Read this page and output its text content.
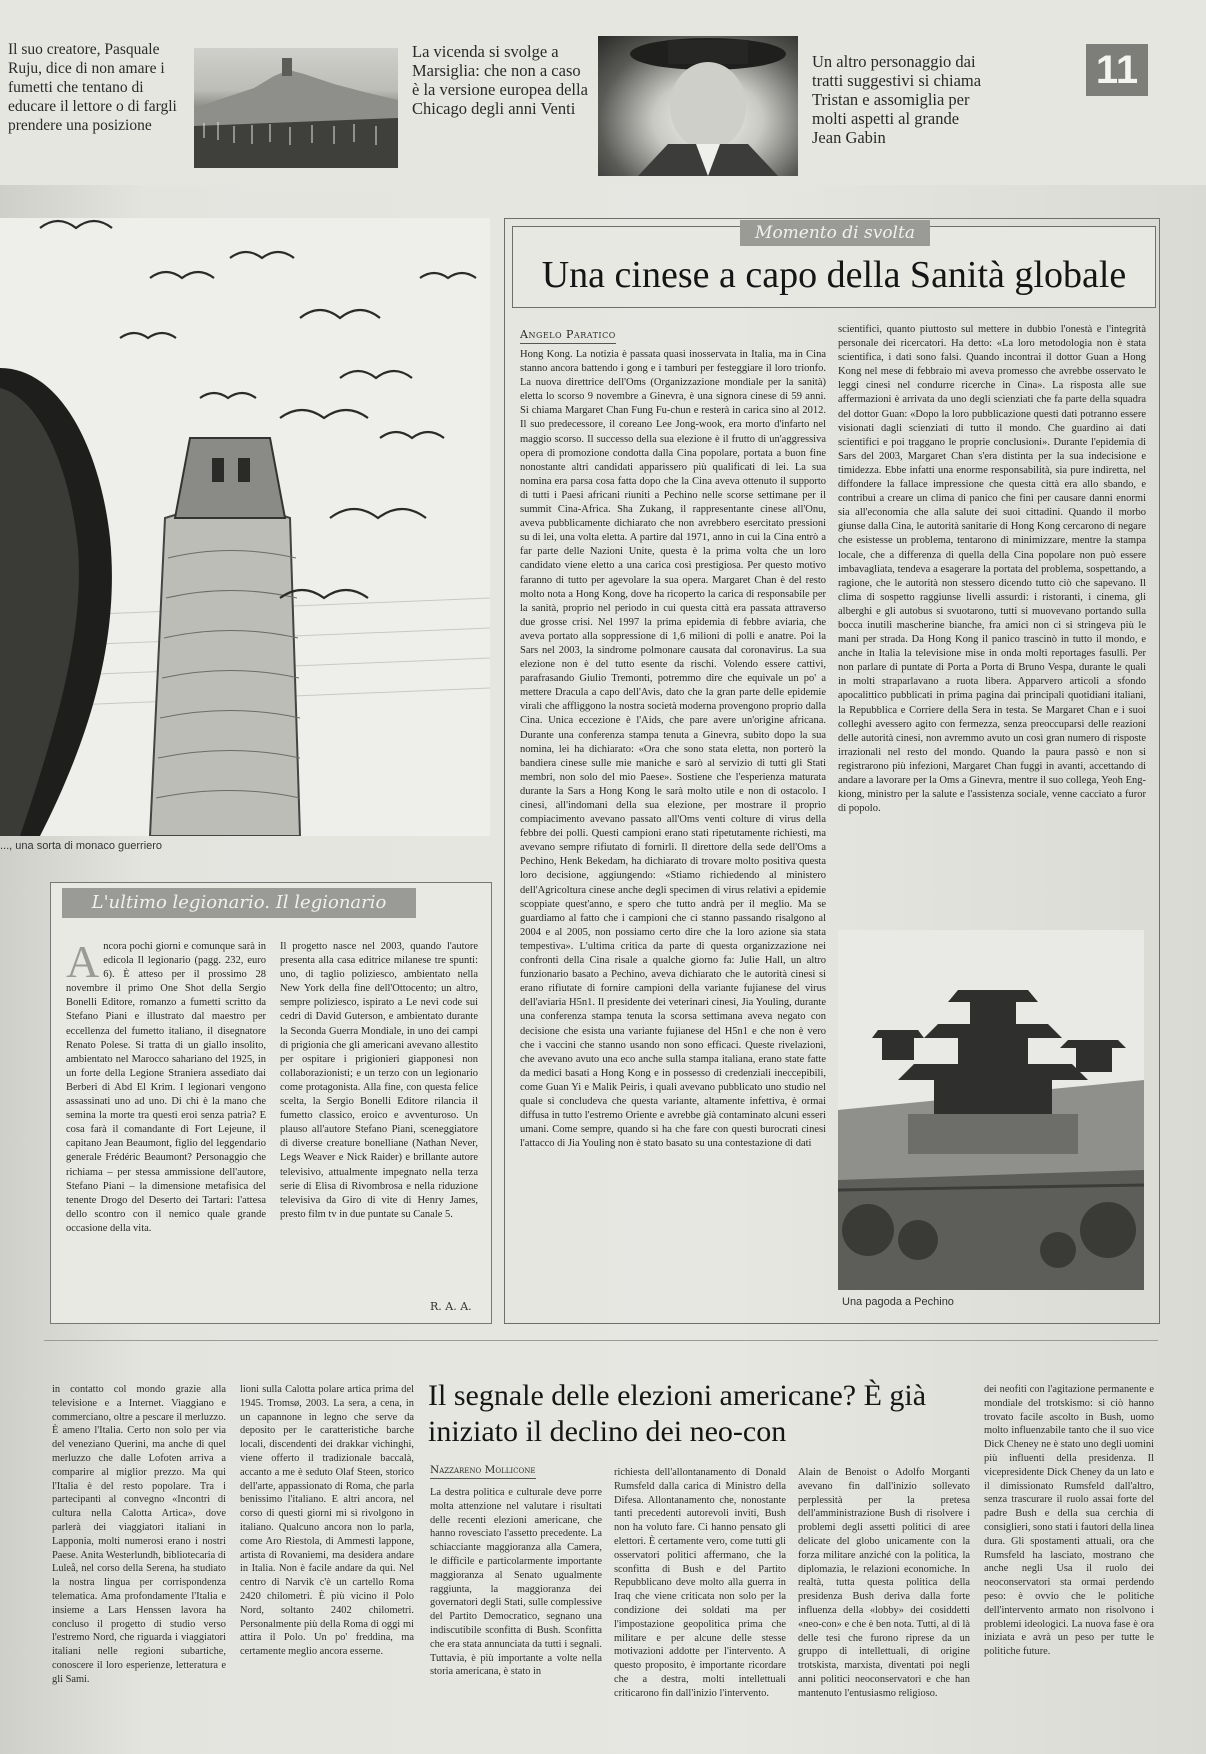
Il suo creatore, Pasquale Ruju, dice di non amare i fumetti che tentano di educare il lettore o di fargli prendere una posizione
La vicenda si svolge a Marsiglia: che non a caso è la versione europea della Chicago degli anni Venti
Un altro personaggio dai tratti suggestivi si chiama Tristan e assomiglia per molti aspetti al grande Jean Gabin
11
..., una sorta di monaco guerriero
L'ultimo legionario. Il legionario
Ancora pochi giorni e comunque sarà in edicola Il legionario (pagg. 232, euro 6). È atteso per il prossimo 28 novembre il primo One Shot della Sergio Bonelli Editore, romanzo a fumetti scritto da Stefano Piani e illustrato dal maestro per eccellenza del fumetto italiano, il disegnatore Renato Polese. Si tratta di un giallo insolito, ambientato nel Marocco sahariano del 1925, in un forte della Legione Straniera assediato dai Berberi di Abd El Krim. I legionari vengono assassinati uno ad uno. Di chi è la mano che semina la morte tra questi eroi senza patria? E cosa farà il comandante di Fort Lejeune, il capitano Jean Beaumont, figlio del leggendario generale Frédéric Beaumont? Personaggio che richiama – per stessa ammissione dell'autore, Stefano Piani – la dimensione metafisica del tenente Drogo del Deserto dei Tartari: l'attesa dello scontro con il nemico quale grande occasione della vita.
Il progetto nasce nel 2003, quando l'autore presenta alla casa editrice milanese tre spunti: uno, di taglio poliziesco, ambientato nella New York della fine dell'Ottocento; un altro, sempre poliziesco, ispirato a Le nevi code sui cedri di David Guterson, e ambientato durante la Seconda Guerra Mondiale, in uno dei campi di prigionia che gli americani avevano allestito per ospitare i prigionieri giapponesi non collaborazionisti; e un terzo con un legionario come protagonista. Alla fine, con questa felice scelta, la Sergio Bonelli Editore rilancia il fumetto classico, eroico e avventuroso. Un plauso all'autore Stefano Piani, sceneggiatore di diverse creature bonelliane (Nathan Never, Legs Weaver e Nick Raider) e brillante autore televisivo, attualmente impegnato nella terza serie di Elisa di Rivombrosa e nella riduzione televisiva da Giro di vite di Henry James, presto film tv in due puntate su Canale 5.
R. A. A.
Momento di svolta
Una cinese a capo della Sanità globale
Angelo Paratico
Hong Kong. La notizia è passata quasi inosservata in Italia, ma in Cina stanno ancora battendo i gong e i tamburi per festeggiare il loro trionfo. La nuova direttrice dell'Oms (Organizzazione mondiale per la sanità) eletta lo scorso 9 novembre a Ginevra, è una signora cinese di 59 anni. Si chiama Margaret Chan Fung Fu-chun e resterà in carica sino al 2012. Il suo predecessore, il coreano Lee Jong-wook, era morto d'infarto nel maggio scorso. Il successo della sua elezione è il frutto di un'aggressiva opera di promozione condotta dalla Cina popolare, portata a buon fine nonostante altri candidati apparissero più qualificati di lei. La sua nomina era parsa cosa fatta dopo che la Cina aveva ottenuto il supporto di tutti i Paesi africani riuniti a Pechino nelle scorse settimane per il summit Cina-Africa. Sha Zukang, il rappresentante cinese all'Onu, aveva pubblicamente dichiarato che non avrebbero esercitato pressioni su di lei, una volta eletta. A partire dal 1971, anno in cui la Cina entrò a far parte delle Nazioni Unite, questa è la prima volta che un loro candidato viene eletto a una carica così prestigiosa. Per questo motivo faranno di tutto per agevolare la sua opera. Margaret Chan è del resto molto nota a Hong Kong, dove ha ricoperto la carica di responsabile per la sanità, proprio nel periodo in cui questa città era passata attraverso due grosse crisi. Nel 1997 la prima epidemia di febbre aviaria, che aveva portato alla soppressione di 1,6 milioni di polli e anatre. Poi la Sars nel 2003, la sindrome polmonare causata dal coronavirus. La sua elezione non è del tutto esente da rischi. Volendo essere cattivi, parafrasando Giulio Tremonti, potremmo dire che equivale un po' a mettere Dracula a capo dell'Avis, dato che la gran parte delle epidemie virali che affliggono la nostra società moderna provengono proprio dalla Cina. Unica eccezione è l'Aids, che pare avere un'origine africana. Durante una conferenza stampa tenuta a Ginevra, subito dopo la sua nomina, lei ha dichiarato: «Ora che sono stata eletta, non porterò la bandiera cinese sulle mie maniche e sarò al servizio di tutti gli Stati membri, non solo del mio Paese». Sostiene che l'esperienza maturata durante la Sars a Hong Kong le sarà molto utile e non di ostacolo. I cinesi, all'indomani della sua elezione, per mostrare il proprio compiacimento avevano passato all'Oms venti colture di virus della febbre dei polli. Questi campioni erano stati ripetutamente richiesti, ma avevano sempre rifiutato di fornirli. Il direttore della sede dell'Oms a Pechino, Henk Bekedam, ha dichiarato di trovare molto positiva questa loro decisione, aggiungendo: «Stiamo richiedendo al ministero dell'Agricoltura cinese anche degli specimen di virus relativi a epidemie scoppiate quest'anno, e spero che tutto andrà per il meglio. Ma se guardiamo al fatto che i campioni che ci stanno passando risalgono al 2004 e al 2005, non possiamo certo dire che la loro azione sia stata tempestiva». L'ultima critica da parte di questa organizzazione nei confronti della Cina risale a qualche giorno fa: Julie Hall, un altro funzionario basato a Pechino, aveva dichiarato che le autorità cinesi si erano rifiutate di fornire campioni della variante fujianese del virus dell'aviaria H5n1. Il presidente dei veterinari cinesi, Jia Youling, durante una conferenza stampa tenuta la scorsa settimana aveva negato con decisione che esista una variante fujianese del H5n1 e che non è vero che i vaccini che stanno usando non sono efficaci. Queste rivelazioni, che avevano avuto una eco anche sulla stampa italiana, erano state fatte da medici basati a Hong Kong e in possesso di credenziali ineccepibili, come Guan Yi e Malik Peiris, i quali avevano pubblicato uno studio nel quale si concludeva che questa variante, altamente infettiva, è ormai diffusa in tutto l'estremo Oriente e avrebbe già contaminato alcuni esseri umani. Come sempre, quando si ha che fare con questi burocrati cinesi l'attacco di Jia Youling non è stato basato su una contestazione di dati
scientifici, quanto piuttosto sul mettere in dubbio l'onestà e l'integrità personale dei ricercatori. Ha detto: «La loro metodologia non è stata scientifica, i dati sono falsi. Quando incontrai il dottor Guan a Hong Kong nel mese di febbraio mi aveva promesso che avrebbe osservato le leggi cinesi nel condurre ricerche in Cina». La risposta alle sue affermazioni è arrivata da uno degli scienziati che fa parte della squadra del dottor Guan: «Dopo la loro pubblicazione questi dati potranno essere visionati dagli scienziati di tutto il mondo. Che guardino ai dati scientifici e poi traggano le proprie conclusioni». Durante l'epidemia di Sars del 2003, Margaret Chan s'era distinta per la sua indecisione e timidezza. Ebbe infatti una enorme responsabilità, sia pure indiretta, nel diffondere la fallace impressione che questa città era allo sbando, e contribuì a creare un clima di panico che finì per causare danni enormi sia all'economia che alla salute dei suoi cittadini. Quando il morbo giunse dalla Cina, le autorità sanitarie di Hong Kong cercarono di negare che esistesse un problema, tentarono di minimizzare, mentre la stampa locale, che a differenza di quella della Cina popolare non può essere imbavagliata, tendeva a esagerare la portata del problema, sospettando, a ragione, che le autorità non stessero dicendo tutto ciò che sapevano. Il clima di sospetto raggiunse livelli assurdi: i ristoranti, i cinema, gli alberghi e gli autobus si svuotarono, tutti si muovevano portando sulla bocca inutili mascherine bianche, fra amici non ci si stringeva più le mani per strada. Da Hong Kong il panico trascinò in tutto il mondo, e anche in Italia la televisione mise in onda molti reportages fasulli. Per non parlare di puntate di Porta a Porta di Bruno Vespa, durante le quali in molti straparlavano a ruota libera. Apparvero articoli a sfondo apocalittico pubblicati in prima pagina dai principali quotidiani italiani, la Repubblica e Corriere della Sera in testa. Se Margaret Chan e i suoi colleghi avessero agito con fermezza, senza preoccuparsi delle reazioni delle autorità cinesi, non avremmo avuto un così gran numero di risposte irrazionali nel resto del mondo. Quando la paura passò e non si registrarono più infezioni, Margaret Chan fuggì in avanti, accettando di andare a lavorare per la Oms a Ginevra, mentre il suo collega, Yeoh Eng-kiong, ministro per la salute e l'assistenza sociale, venne cacciato a furor di popolo.
Una pagoda a Pechino
in contatto col mondo grazie alla televisione e a Internet. Viaggiano e commerciano, oltre a pescare il merluzzo. È ameno l'Italia. Certo non solo per via del veneziano Querini, ma anche di quel merluzzo che dalle Lofoten arriva a comparire al miglior prezzo. Ma qui l'Italia è del resto popolare. Tra i partecipanti al convegno «Incontri di cultura nella Calotta Artica», dove parlerà dei viaggiatori italiani in Lapponia, molti numerosi erano i nostri Paese. Anita Westerlundh, bibliotecaria di Luleå, nel corso della Serena, ha studiato la nostra lingua per corrispondenza telematica. Ama profondamente l'Italia e insieme a Lars Henssen lavora ha concluso il progetto di studio verso l'estremo Nord, che riguarda i viaggiatori italiani nelle regioni subartiche, conoscere il loro esperienze, letteratura e gli Sami.
lioni sulla Calotta polare artica prima del 1945. Tromsø, 2003. La sera, a cena, in un capannone in legno che serve da deposito per le caratteristiche barche locali, discendenti dei drakkar vichinghi, viene offerto il tradizionale baccalà, accanto a me è seduto Olaf Steen, storico dell'arte, appassionato di Roma, che parla benissimo l'italiano. E altri ancora, nel corso di questi giorni mi si rivolgono in italiano. Qualcuno ancora non lo parla, come Aro Riestola, di Ammesti lappone, artista di Rovaniemi, ma desidera andare in Italia. Non è facile andare da qui. Nel centro di Narvik c'è un cartello Roma 2420 chilometri. È più vicino il Polo Nord, soltanto 2402 chilometri. Personalmente più della Roma di oggi mi attira il Polo. Un po' freddina, ma certamente meglio ancora esserne.
Il segnale delle elezioni americane? È già iniziato il declino dei neo-con
Nazzareno Mollicone
La destra politica e culturale deve porre molta attenzione nel valutare i risultati delle recenti elezioni americane, che hanno rovesciato l'assetto precedente. La schiacciante maggioranza alla Camera, le difficile e particolarmente importante maggioranza al Senato ugualmente raggiunta, la maggioranza dei governatori degli Stati, sulle complessive del Partito Democratico, segnano una indiscutibile sconfitta di Bush. Sconfitta che era stata annunciata da tutti i segnali. Tuttavia, è più importante a volte nella storia americana, è stato in
richiesta dell'allontanamento di Donald Rumsfeld dalla carica di Ministro della Difesa. Allontanamento che, nonostante tanti precedenti autorevoli inviti, Bush non ha voluto fare. Ci hanno pensato gli elettori. È certamente vero, come tutti gli osservatori politici affermano, che la sconfitta di Bush e del Partito Repubblicano deve molto alla guerra in Iraq che viene criticata non solo per la condizione dei soldati ma per l'impostazione geopolitica prima che militare e per alcune delle stesse motivazioni addotte per l'intervento. A questo proposito, è importante ricordare che a destra, molti intellettuali criticarono fin dall'inizio l'intervento.
Alain de Benoist o Adolfo Morganti avevano fin dall'inizio sollevato perplessità per la pretesa dell'amministrazione Bush di risolvere i problemi degli assetti politici di aree delicate del globo unicamente con la forza militare anziché con la politica, la diplomazia, le relazioni economiche. In realtà, tutta questa politica della presidenza Bush deriva dalla forte influenza della «lobby» dei cosiddetti «neo-con» e che è ben nota. Tutti, al di là delle tesi che furono riprese da un gruppo di intellettuali, di origine trotskista, marxista, diventati poi negli anni politici neoconservatori e che han mantenuto l'entusiasmo religioso.
dei neofiti con l'agitazione permanente e mondiale del trotskismo: si ciò hanno trovato facile ascolto in Bush, uomo molto influenzabile tanto che il suo vice Dick Cheney ne è stato uno degli uomini più influenti della presidenza. Il vicepresidente Dick Cheney da un lato e il dimissionato Rumsfeld dall'altro, senza trascurare il ruolo assai forte del padre Bush e della sua cerchia di consiglieri, sono stati i fautori della linea dura. Gli spostamenti attuali, ora che Rumsfeld ha lasciato, mostrano che anche negli Usa il ruolo dei neoconservatori sta ormai perdendo peso: è ovvio che le politiche dell'intervento armato non risolvono i problemi ideologici. La nuova fase è ora iniziata e avrà un peso per tutte le politiche future.
